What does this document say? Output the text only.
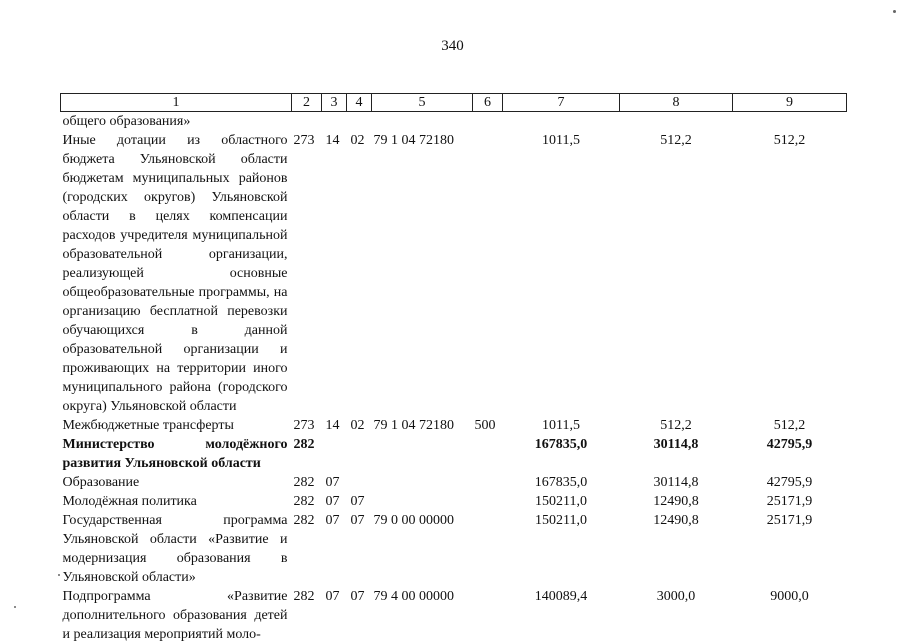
340
1	2	3	4	5	6	7	8	9
общего образования»								
Иные дотации из областного бюджета Ульяновской области бюджетам муниципальных районов (городских округов) Ульяновской области в целях компенсации расходов учредителя муниципальной образовательной организации, реализующей основные общеобразовательные программы, на организацию бесплатной перевозки обучающихся в данной образовательной организации и проживающих на территории иного муниципального района (городского округа) Ульяновской области	273	14	02	79 1 04 72180		1011,5	512,2	512,2
Межбюджетные трансферты	273	14	02	79 1 04 72180	500	1011,5	512,2	512,2
Министерство молодёжного развития Ульяновской области	282					167835,0	30114,8	42795,9
Образование	282	07				167835,0	30114,8	42795,9
Молодёжная политика	282	07	07			150211,0	12490,8	25171,9
Государственная программа Ульяновской области «Развитие и модернизация образования в Ульяновской области»	282	07	07	79 0 00 00000		150211,0	12490,8	25171,9
Подпрограмма «Развитие дополнительного образования детей и реализация мероприятий моло-	282	07	07	79 4 00 00000		140089,4	3000,0	9000,0
